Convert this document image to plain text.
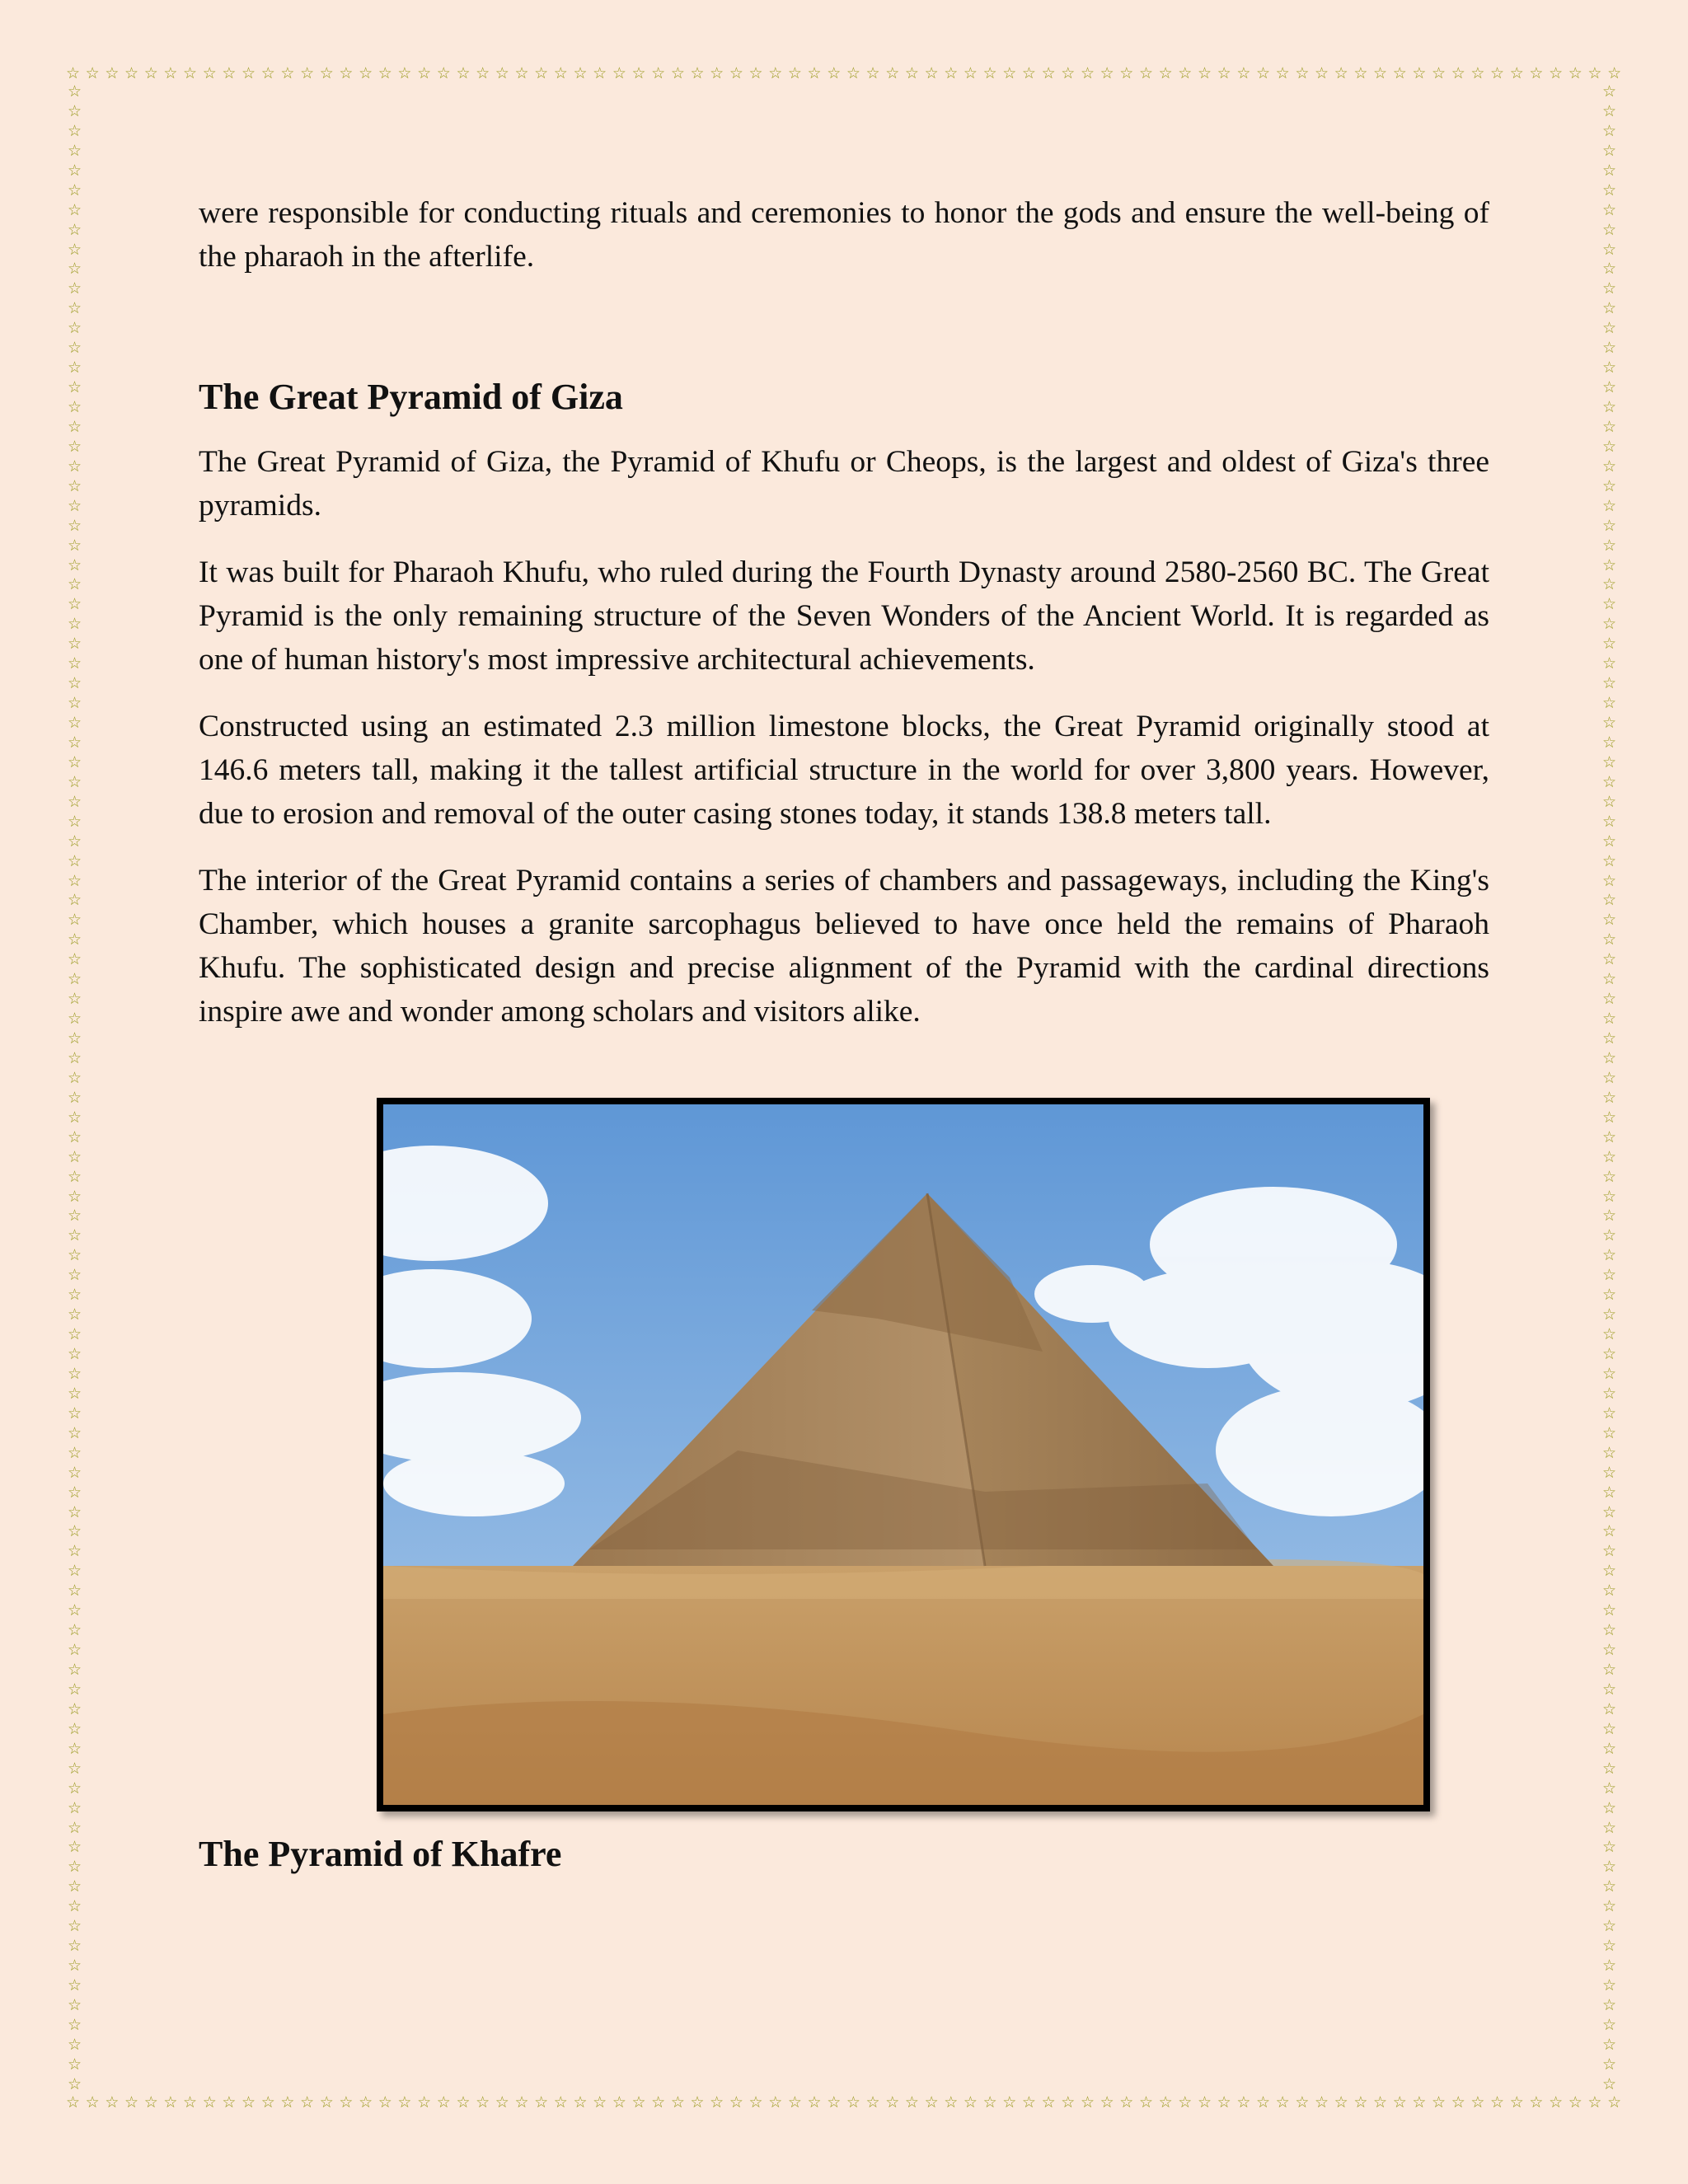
☆ ☆ ☆ ☆ ☆ ☆ ☆ ☆ ☆ ☆ ☆ ☆ ☆ ☆ ☆ ☆ ☆ ☆ ☆ ☆ ☆ ☆ ☆ ☆ ☆ ☆ ☆ ☆ ☆ ☆ ☆ ☆ ☆ ☆ ☆ ☆ ☆ ☆ ☆ ☆ ☆ ☆ ☆ ☆ ☆ ☆ ☆ ☆ ☆ ☆ ☆ ☆ ☆ ☆ ☆ ☆ ☆ ☆ ☆ ☆ ☆ ☆ ☆ ☆ ☆ ☆ ☆ ☆ ☆ ☆ ☆ ☆ ☆ ☆ ☆ ☆ ☆ ☆ ☆ ☆
☆ ☆ ☆ ☆ ☆ ☆ ☆ ☆ ☆ ☆ ☆ ☆ ☆ ☆ ☆ ☆ ☆ ☆ ☆ ☆ ☆ ☆ ☆ ☆ ☆ ☆ ☆ ☆ ☆ ☆ ☆ ☆ ☆ ☆ ☆ ☆ ☆ ☆ ☆ ☆ ☆ ☆ ☆ ☆ ☆ ☆ ☆ ☆ ☆ ☆ ☆ ☆ ☆ ☆ ☆ ☆ ☆ ☆ ☆ ☆ ☆ ☆ ☆ ☆ ☆ ☆ ☆ ☆ ☆ ☆ ☆ ☆ ☆ ☆ ☆ ☆ ☆ ☆ ☆ ☆
☆
☆
☆
☆
☆
☆
☆
☆
☆
☆
☆
☆
☆
☆
☆
☆
☆
☆
☆
☆
☆
☆
☆
☆
☆
☆
☆
☆
☆
☆
☆
☆
☆
☆
☆
☆
☆
☆
☆
☆
☆
☆
☆
☆
☆
☆
☆
☆
☆
☆
☆
☆
☆
☆
☆
☆
☆
☆
☆
☆
☆
☆
☆
☆
☆
☆
☆
☆
☆
☆
☆
☆
☆
☆
☆
☆
☆
☆
☆
☆
☆
☆
☆
☆
☆
☆
☆
☆
☆
☆
☆
☆
☆
☆
☆
☆
☆
☆
☆
☆
☆
☆
☆
☆
☆
☆
☆
☆
☆
☆
☆
☆
☆
☆
☆
☆
☆
☆
☆
☆
☆
☆
☆
☆
☆
☆
☆
☆
☆
☆
☆
☆
☆
☆
☆
☆
☆
☆
☆
☆
☆
☆
☆
☆
☆
☆
☆
☆
☆
☆
☆
☆
☆
☆
☆
☆
☆
☆
☆
☆
☆
☆
☆
☆
☆
☆
☆
☆
☆
☆
☆
☆
☆
☆
☆
☆
☆
☆
☆
☆
☆
☆
☆
☆
☆
☆
☆
☆
☆
☆
☆
☆
☆
☆
☆
☆
☆
☆
☆
☆
☆
☆
☆
☆

were responsible for conducting rituals and ceremonies to honor the gods and ensure the well-being of the pharaoh in the afterlife.

The Great Pyramid of Giza

The Great Pyramid of Giza, the Pyramid of Khufu or Cheops, is the largest and oldest of Giza's three pyramids.

It was built for Pharaoh Khufu, who ruled during the Fourth Dynasty around 2580-2560 BC. The Great Pyramid is the only remaining structure of the Seven Wonders of the Ancient World. It is regarded as one of human history's most impressive architectural achievements.

Constructed using an estimated 2.3 million limestone blocks, the Great Pyramid originally stood at 146.6 meters tall, making it the tallest artificial structure in the world for over 3,800 years. However, due to erosion and removal of the outer casing stones today, it stands 138.8 meters tall.

The interior of the Great Pyramid contains a series of chambers and passageways, including the King's Chamber, which houses a granite sarcophagus believed to have once held the remains of Pharaoh Khufu. The sophisticated design and precise alignment of the Pyramid with the cardinal directions inspire awe and wonder among scholars and visitors alike.

The Pyramid of Khafre
